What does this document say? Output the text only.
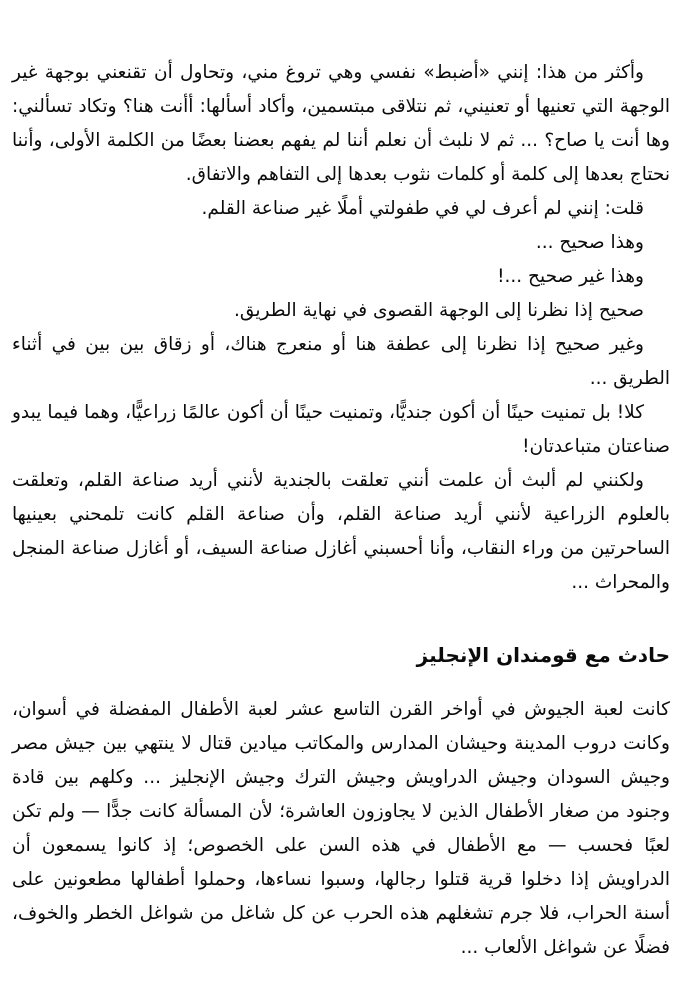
وأكثر من هذا: إنني «أضبط» نفسي وهي تروغ مني، وتحاول أن تقنعني بوجهة غير الوجهة التي تعنيها أو تعنيني، ثم نتلاقى مبتسمين، وأكاد أسألها: أأنت هنا؟ وتكاد تسألني: وها أنت يا صاح؟ ... ثم لا نلبث أن نعلم أننا لم يفهم بعضنا بعضًا من الكلمة الأولى، وأننا نحتاج بعدها إلى كلمة أو كلمات نثوب بعدها إلى التفاهم والاتفاق.

قلت: إنني لم أعرف لي في طفولتي أملًا غير صناعة القلم.

وهذا صحيح ...

وهذا غير صحيح ...!

صحيح إذا نظرنا إلى الوجهة القصوى في نهاية الطريق.

وغير صحيح إذا نظرنا إلى عطفة هنا أو منعرج هناك، أو زقاق بين بين في أثناء الطريق ...

كلا! بل تمنيت حينًا أن أكون جنديًّا، وتمنيت حينًا أن أكون عالمًا زراعيًّا، وهما فيما يبدو صناعتان متباعدتان!

ولكنني لم ألبث أن علمت أنني تعلقت بالجندية لأنني أريد صناعة القلم، وتعلقت بالعلوم الزراعية لأنني أريد صناعة القلم، وأن صناعة القلم كانت تلمحني بعينيها الساحرتين من وراء النقاب، وأنا أحسبني أغازل صناعة السيف، أو أغازل صناعة المنجل والمحراث ...

حادث مع قومندان الإنجليز

كانت لعبة الجيوش في أواخر القرن التاسع عشر لعبة الأطفال المفضلة في أسوان، وكانت دروب المدينة وحيشان المدارس والمكاتب ميادين قتال لا ينتهي بين جيش مصر وجيش السودان وجيش الدراويش وجيش الترك وجيش الإنجليز ... وكلهم بين قادة وجنود من صغار الأطفال الذين لا يجاوزون العاشرة؛ لأن المسألة كانت جدًّا — ولم تكن لعبًا فحسب — مع الأطفال في هذه السن على الخصوص؛ إذ كانوا يسمعون أن الدراويش إذا دخلوا قرية قتلوا رجالها، وسبوا نساءها، وحملوا أطفالها مطعونين على أسنة الحراب، فلا جرم تشغلهم هذه الحرب عن كل شاغل من شواغل الخطر والخوف، فضلًا عن شواغل الألعاب ...
